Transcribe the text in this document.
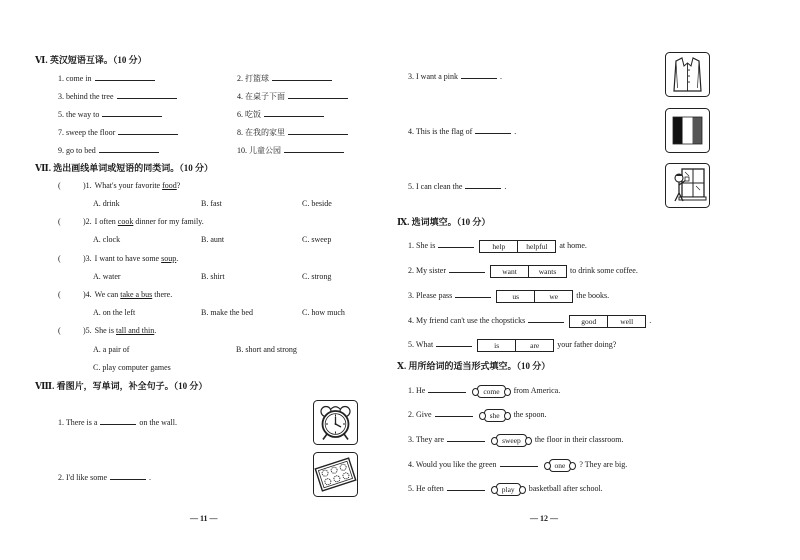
Ⅵ. 英汉短语互译。（10 分）
1. come in	2. 打篮球
3. behind the tree	4. 在桌子下面
5. the way to	6. 吃饭
7. sweep the floor	8. 在我的家里
9. go to bed	10. 儿童公园
Ⅶ. 选出画线单词或短语的同类词。（10 分）
(	)1. What's your favorite food?
A. drink	B. fast	C. beside
(	)2. I often cook dinner for my family.
A. clock	B. aunt	C. sweep
(	)3. I want to have some soup.
A. water	B. shirt	C. strong
(	)4. We can take a bus there.
A. on the left	B. make the bed	C. how much
(	)5. She is tall and thin.
A. a pair of	B. short and strong
C. play computer games
Ⅷ. 看图片，写单词，补全句子。（10 分）
1. There is a	on the wall.
2. I'd like some	.
— 11 —
3. I want a pink	.
4. This is the flag of	.
5. I can clean the	.
Ⅸ. 选词填空。（10 分）
1. She is	help	helpful	at home.
2. My sister	want	wants	to drink some coffee.
3. Please pass	us	we	the books.
4. My friend can't use the chopsticks	good	well	.
5. What	is	are	your father doing?
Ⅹ. 用所给词的适当形式填空。（10 分）
1. He	come from America.
2. Give	she the spoon.
3. They are	sweep the floor in their classroom.
4. Would you like the green	one ? They are big.
5. He often	play basketball after school.
— 12 —
